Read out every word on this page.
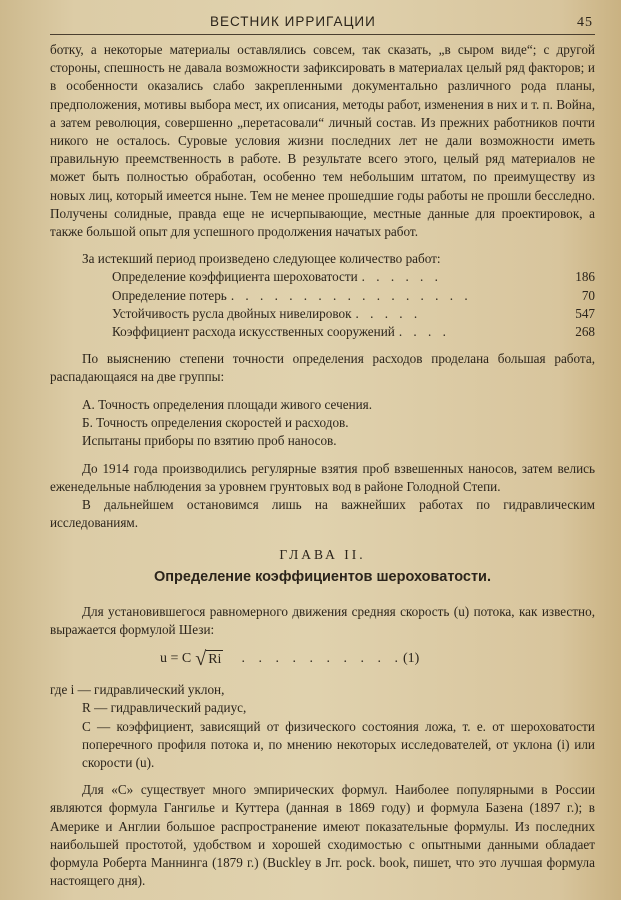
ВЕСТНИК ИРРИГАЦИИ	45

ботку, а некоторые материалы оставлялись совсем, так сказать, „в сыром виде“; с другой стороны, спешность не давала возможности зафиксировать в материалах целый ряд факторов; и в особенности оказались слабо закрепленными документально различного рода планы, предположения, мотивы выбора мест, их описания, методы работ, изменения в них и т. п. Война, а затем революция, совершенно „перетасовали“ личный состав. Из прежних работников почти никого не осталось. Суровые условия жизни последних лет не дали возможности иметь правильную преемственность в работе. В результате всего этого, целый ряд материалов не может быть полностью обработан, особенно тем небольшим штатом, по преимуществу из новых лиц, который имеется ныне. Тем не менее прошедшие годы работы не прошли бесследно. Получены солидные, правда еще не исчерпывающие, местные данные для проектировок, а также большой опыт для успешного продолжения начатых работ.

За истекший период произведено следующее количество работ:

Определение коэффициента шероховатости . . . . . .	186
Определение потерь . . . . . . . . . . . . . . . . .	70
Устойчивость русла двойных нивелировок . . . . .	547
Коэффициент расхода искусственных сооружений . . . .	268

По выяснению степени точности определения расходов проделана большая работа, распадающаяся на две группы:

А. Точность определения площади живого сечения.
Б. Точность определения скоростей и расходов.
Испытаны приборы по взятию проб наносов.

До 1914 года производились регулярные взятия проб взвешенных наносов, затем велись еженедельные наблюдения за уровнем грунтовых вод в районе Голодной Степи.

В дальнейшем остановимся лишь на важнейших работах по гидравлическим исследованиям.

ГЛАВА II.
Определение коэффициентов шероховатости.

Для установившегося равномерного движения средняя скорость (u) потока, как известно, выражается формулой Шези:

u = C √ Ri . . . . . . . . . . (1)
где i — гидравлический уклон,
R — гидравлический радиус,

C — коэффициент, зависящий от физического состояния ложа, т. е. от шероховатости поперечного профиля потока и, по мнению некоторых исследователей, от уклона (i) или скорости (u).

Для «C» существует много эмпирических формул. Наиболее популярными в России являются формула Гангилье и Куттера (данная в 1869 году) и формула Базена (1897 г.); в Америке и Англии большое распространение имеют показательные формулы. Из последних наибольшей простотой, удобством и хорошей сходимостью с опытными данными обладает формула Роберта Маннинга (1879 г.) (Buckley в Jrr. pock. book, пишет, что это лучшая формула настоящего дня).
